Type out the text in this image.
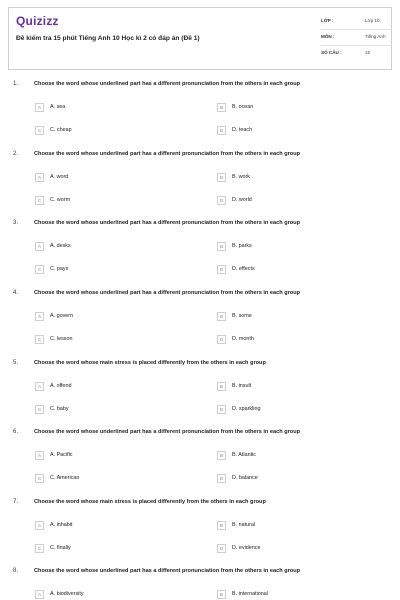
Quizizz
Đề kiểm tra 15 phút Tiếng Anh 10 Học kì 2 có đáp án (Đề 1)
LỚP :	Lớp 10
MÔN :	Tiếng Anh
SỐ CÂU :	15
1.	Choose the word whose underlined part has a different pronunciation from the others in each group
A	A. sea	B	B. ocean
C	C. cheap	D	D. teach
2.	Choose the word whose underlined part has a different pronunciation from the others in each group
A	A. word	B	B. work
C	C. worm	D	D. world
3.	Choose the word whose underlined part has a different pronunciation from the others in each group
A	A. desks	B	B. parks
C	C. pays	D	D. effects
4.	Choose the word whose underlined part has a different pronunciation from the others in each group
A	A. govern	B	B. some
C	C. lesson	D	D. month
5.	Choose the word whose main stress is placed differently from the others in each group
A	A. offend	B	B. insult
C	C. baby	D	D. sparkling
6.	Choose the word whose underlined part has a different pronunciation from the others in each group
A	A. Pacific	B	B. Atlantic
C	C. American	D	D. balance
7.	Choose the word whose main stress is placed differently from the others in each group
A	A. inhabit	B	B. natural
C	C. finally	D	D. evidence
8.	Choose the word whose underlined part has a different pronunciation from the others in each group
A	A. biodiversity	B	B. international
